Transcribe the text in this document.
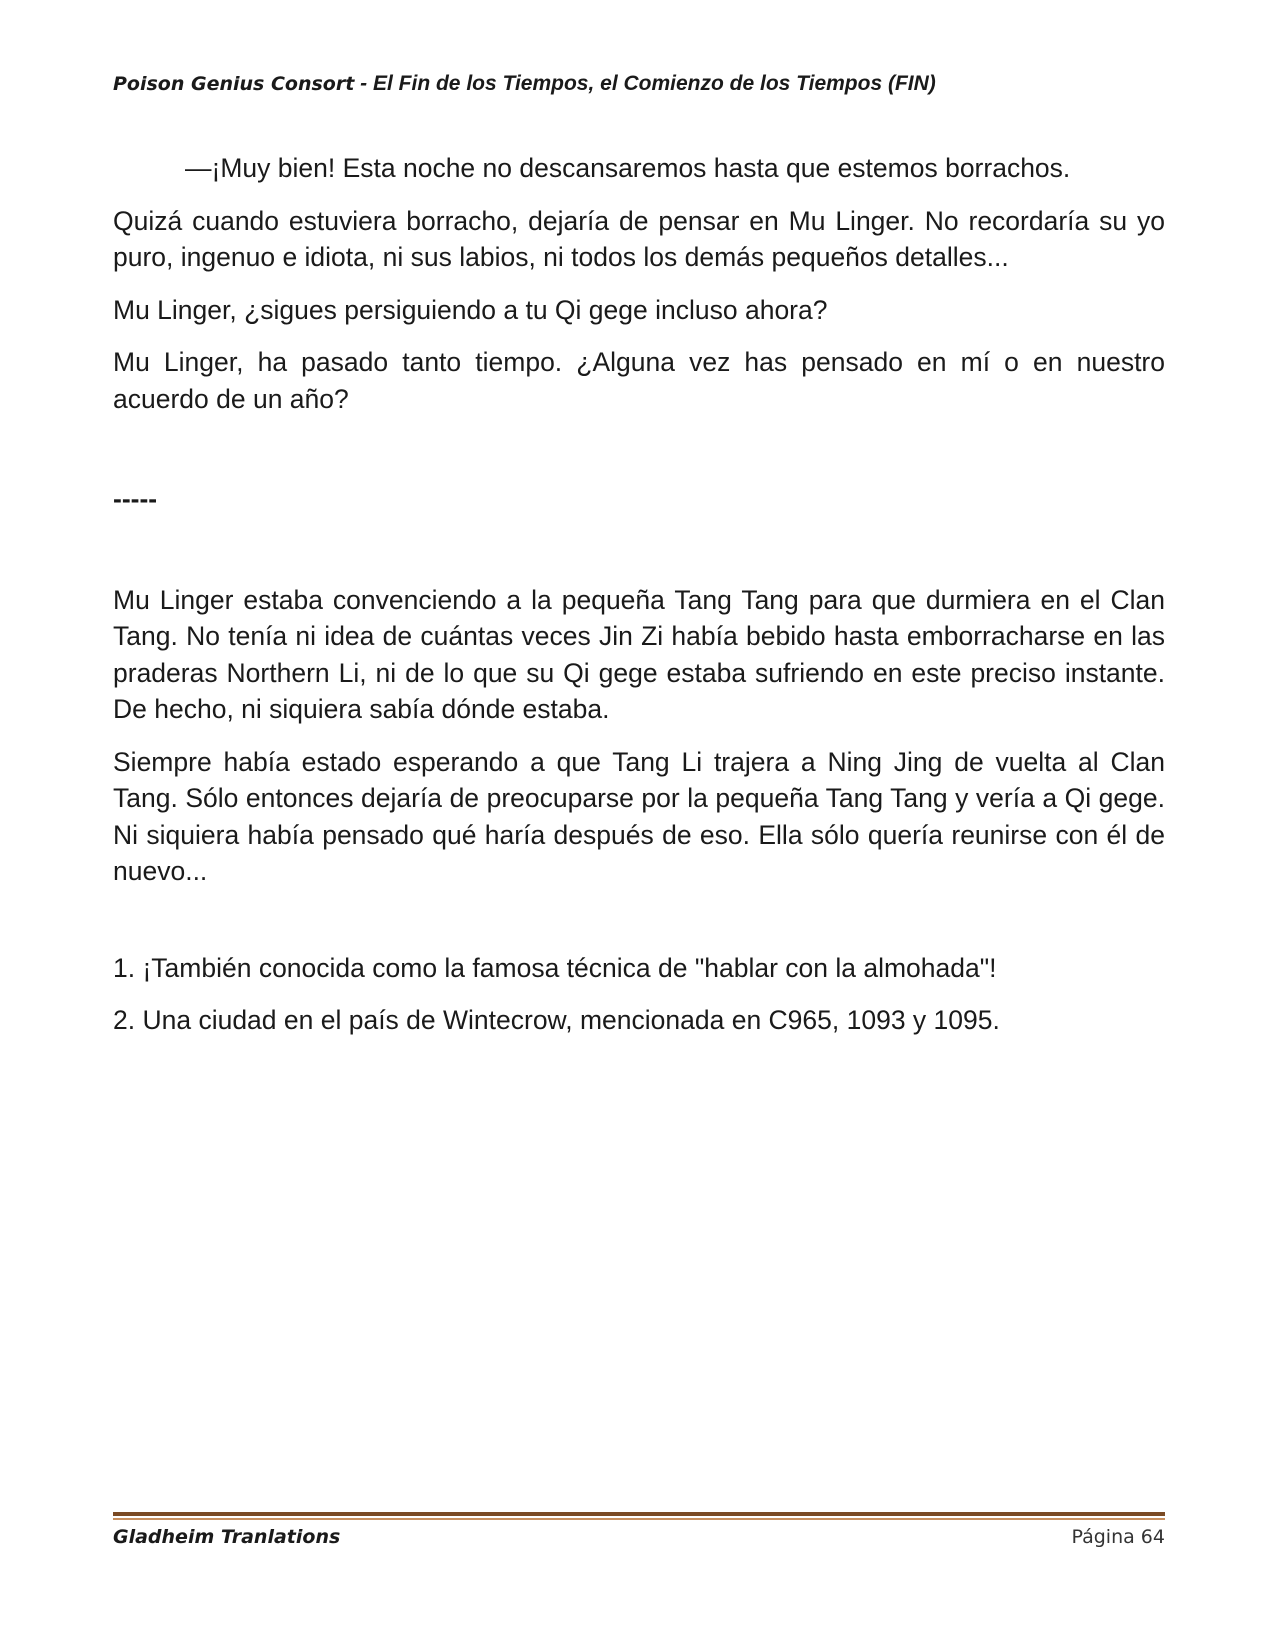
Poison Genius Consort - El Fin de los Tiempos, el Comienzo de los Tiempos (FIN)

—¡Muy bien! Esta noche no descansaremos hasta que estemos borrachos.

Quizá cuando estuviera borracho, dejaría de pensar en Mu Linger. No recordaría su yo puro, ingenuo e idiota, ni sus labios, ni todos los demás pequeños detalles...

Mu Linger, ¿sigues persiguiendo a tu Qi gege incluso ahora?

Mu Linger, ha pasado tanto tiempo. ¿Alguna vez has pensado en mí o en nuestro acuerdo de un año?

-----

Mu Linger estaba convenciendo a la pequeña Tang Tang para que durmiera en el Clan Tang. No tenía ni idea de cuántas veces Jin Zi había bebido hasta emborracharse en las praderas Northern Li, ni de lo que su Qi gege estaba sufriendo en este preciso instante. De hecho, ni siquiera sabía dónde estaba.

Siempre había estado esperando a que Tang Li trajera a Ning Jing de vuelta al Clan Tang. Sólo entonces dejaría de preocuparse por la pequeña Tang Tang y vería a Qi gege. Ni siquiera había pensado qué haría después de eso. Ella sólo quería reunirse con él de nuevo...

1. ¡También conocida como la famosa técnica de "hablar con la almohada"!

2. Una ciudad en el país de Wintecrow, mencionada en C965, 1093 y 1095.

Gladheim Tranlations	Página 64
